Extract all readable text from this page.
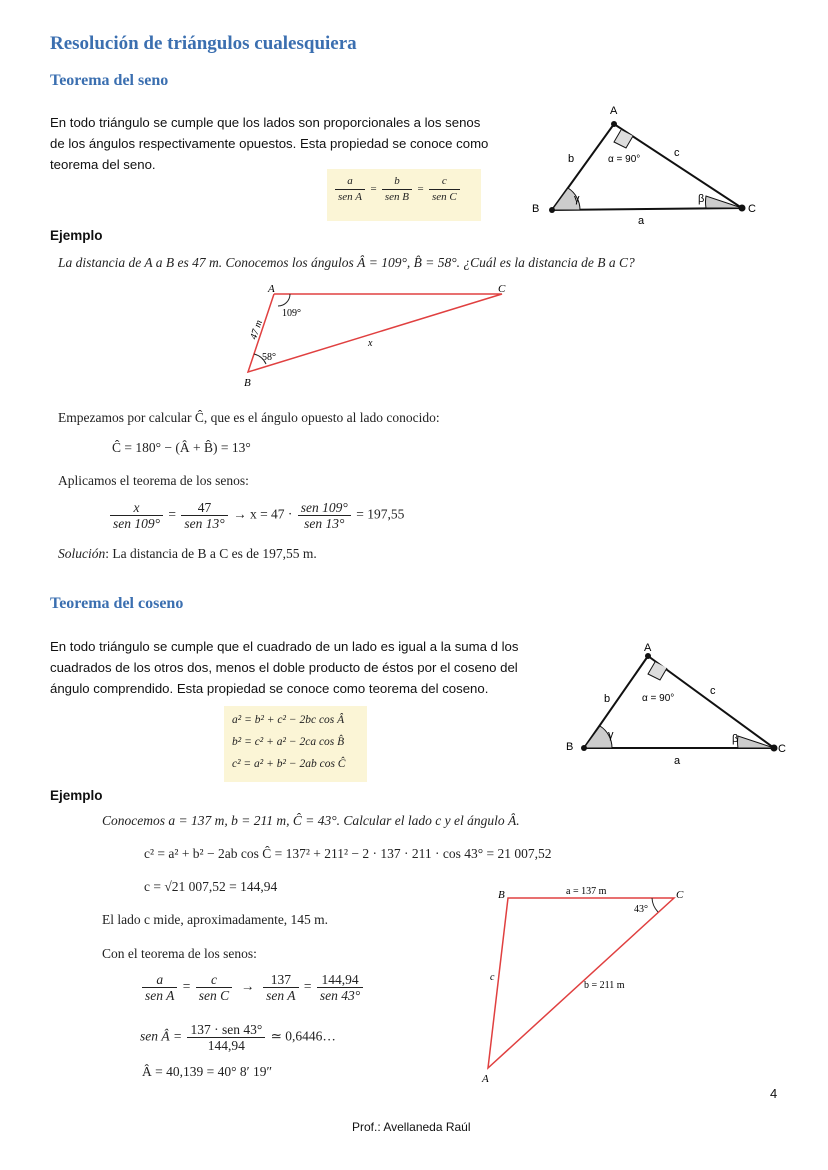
Resolución de triángulos cualesquiera
Teorema del seno
En todo triángulo se cumple que los lados son proporcionales a los senos
de los ángulos respectivamente opuestos. Esta propiedad se conoce como
teorema del seno.
$\frac{a}{\text{sen A}} = \frac{b}{\text{sen B}} = \frac{c}{\text{sen C}}$
A
B	C
a
b	c
α = 90°
β
γ
Ejemplo
La distancia de A a B es 47 m. Conocemos los ángulos Â = 109°, B̂ = 58°. ¿Cuál es la distancia de B a C?
A	C
B
47 m
109°
58°
x
Empezamos por calcular Ĉ, que es el ángulo opuesto al lado conocido:
Ĉ = 180° − (Â + B̂) = 13°
Aplicamos el teorema de los senos:
$\frac{x}{\text{sen 109°}} = \frac{47}{\text{sen 13°}} \to x = 47 \cdot \frac{\text{sen 109°}}{\text{sen 13°}} = 197,55$
Solución: La distancia de B a C es de 197,55 m.
Teorema del coseno
En todo triángulo se cumple que el cuadrado de un lado es igual a la suma d los
cuadrados de los otros dos, menos el doble producto de éstos por el coseno del
ángulo comprendido. Esta propiedad se conoce como teorema del coseno.
a² = b² + c² − 2bc cos Â
b² = c² + a² − 2ca cos B̂
c² = a² + b² − 2ab cos Ĉ
A
B	C
a
b
c
α = 90°
β
γ
Ejemplo
Conocemos a = 137 m, b = 211 m, Ĉ = 43°. Calcular el lado c y el ángulo Â.
c² = a² + b² − 2ab cos Ĉ = 137² + 211² − 2 · 137 · 211 · cos 43° = 21 007,52
c = √21 007,52 = 144,94
El lado c mide, aproximadamente, 145 m.
Con el teorema de los senos:
$\frac{a}{\text{sen A}} = \frac{c}{\text{sen C}} \to \frac{137}{\text{sen A}} = \frac{144,94}{\text{sen 43°}}$
sen Â = $\frac{\text{137 · sen 43°}}{144,94}$ ≃ 0,6446…
Â = 40,139 = 40° 8′ 19″
B	C
A
a = 137 m
b = 211 m
c
43°
4
Prof.: Avellaneda Raúl
